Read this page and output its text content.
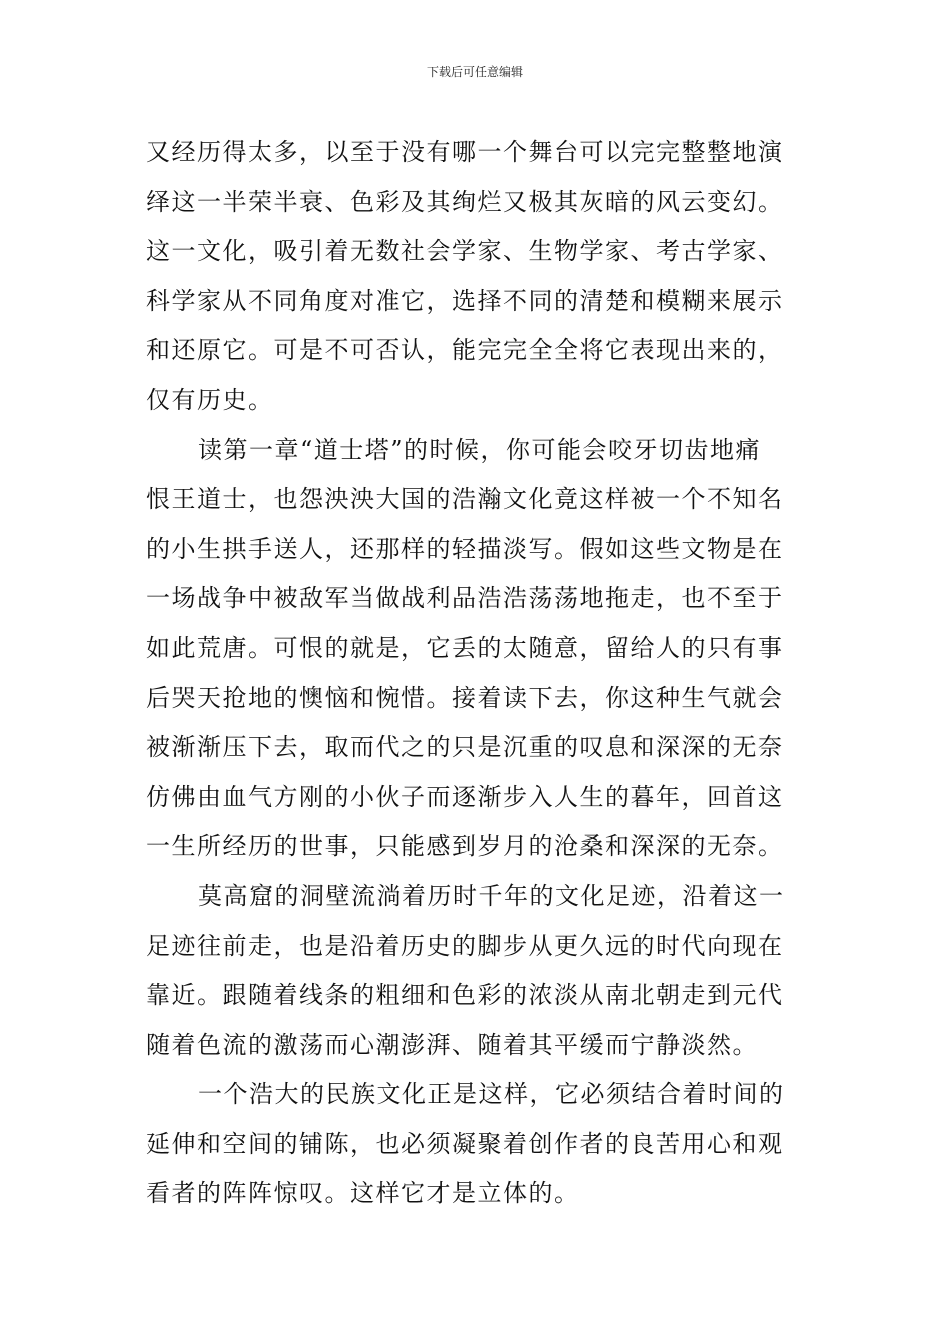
下载后可任意编辑
又经历得太多，以至于没有哪一个舞台可以完完整整地演
绎这一半荣半衰、色彩及其绚烂又极其灰暗的风云变幻。
这一文化，吸引着无数社会学家、生物学家、考古学家、
科学家从不同角度对准它，选择不同的清楚和模糊来展示
和还原它。可是不可否认，能完完全全将它表现出来的，
仅有历史。
读第一章“道士塔”的时候，你可能会咬牙切齿地痛
恨王道士，也怨泱泱大国的浩瀚文化竟这样被一个不知名
的小生拱手送人，还那样的轻描淡写。假如这些文物是在
一场战争中被敌军当做战利品浩浩荡荡地拖走，也不至于
如此荒唐。可恨的就是，它丢的太随意，留给人的只有事
后哭天抢地的懊恼和惋惜。接着读下去，你这种生气就会
被渐渐压下去，取而代之的只是沉重的叹息和深深的无奈
仿佛由血气方刚的小伙子而逐渐步入人生的暮年，回首这
一生所经历的世事，只能感到岁月的沧桑和深深的无奈。
莫高窟的洞壁流淌着历时千年的文化足迹，沿着这一
足迹往前走，也是沿着历史的脚步从更久远的时代向现在
靠近。跟随着线条的粗细和色彩的浓淡从南北朝走到元代
随着色流的激荡而心潮澎湃、随着其平缓而宁静淡然。
一个浩大的民族文化正是这样，它必须结合着时间的
延伸和空间的铺陈，也必须凝聚着创作者的良苦用心和观
看者的阵阵惊叹。这样它才是立体的。
